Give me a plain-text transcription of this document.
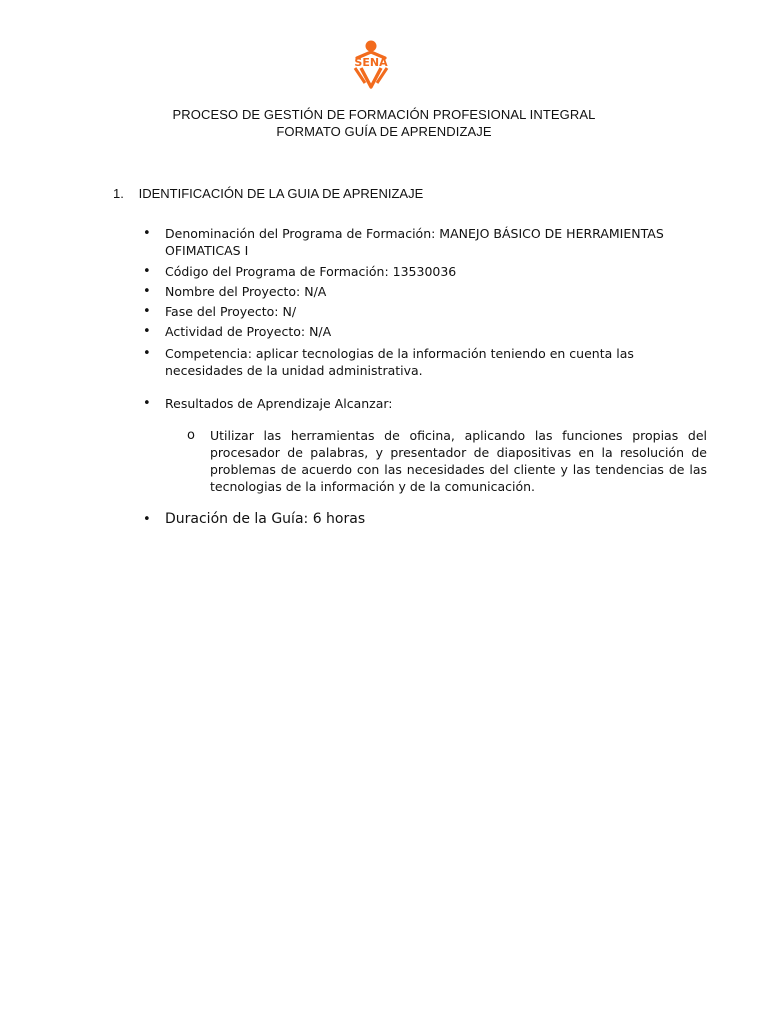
SENA
PROCESO DE GESTIÓN DE FORMACIÓN PROFESIONAL INTEGRAL
FORMATO GUÍA DE APRENDIZAJE
1. IDENTIFICACIÓN DE LA GUIA DE APRENIZAJE
• Denominación del Programa de Formación: MANEJO BÁSICO DE HERRAMIENTAS OFIMATICAS I
• Código del Programa de Formación: 13530036
• Nombre del Proyecto: N/A
• Fase del Proyecto: N/
• Actividad de Proyecto: N/A
• Competencia: aplicar tecnologias de la información teniendo en cuenta las necesidades de la unidad administrativa.
• Resultados de Aprendizaje Alcanzar:
• Duración de la Guía: 6 horas
o Utilizar las herramientas de oficina, aplicando las funciones propias del procesador de palabras, y presentador de diapositivas en la resolución de problemas de acuerdo con las necesidades del cliente y las tendencias de las tecnologias de la información y de la comunicación.
